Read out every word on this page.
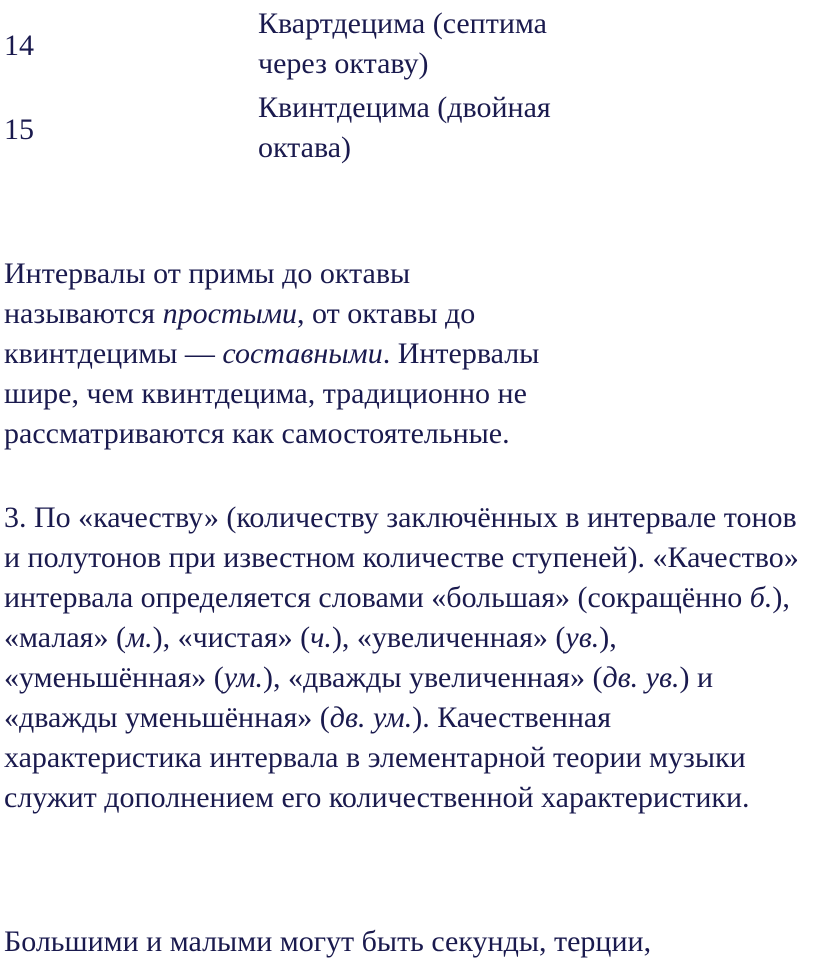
14
Квартдецима (септима
через октаву)
15
Квинтдецима (двойная
октава)

Интервалы от примы до октавы называются простыми, от октавы до квинтдецимы — составными. Интервалы шире, чем квинтдецима, традиционно не рассматриваются как самостоятельные.

3. По «качеству» (количеству заключённых в интервале тонов и полутонов при известном количестве ступеней). «Качество» интервала определяется словами «большая» (сокращённо б.), «малая» (м.), «чистая» (ч.), «увеличенная» (ув.), «уменьшённая» (ум.), «дважды увеличенная» (дв. ув.) и «дважды уменьшённая» (дв. ум.). Качественная характеристика интервала в элементарной теории музыки служит дополнением его количественной характеристики.

Большими и малыми могут быть секунды, терции,
